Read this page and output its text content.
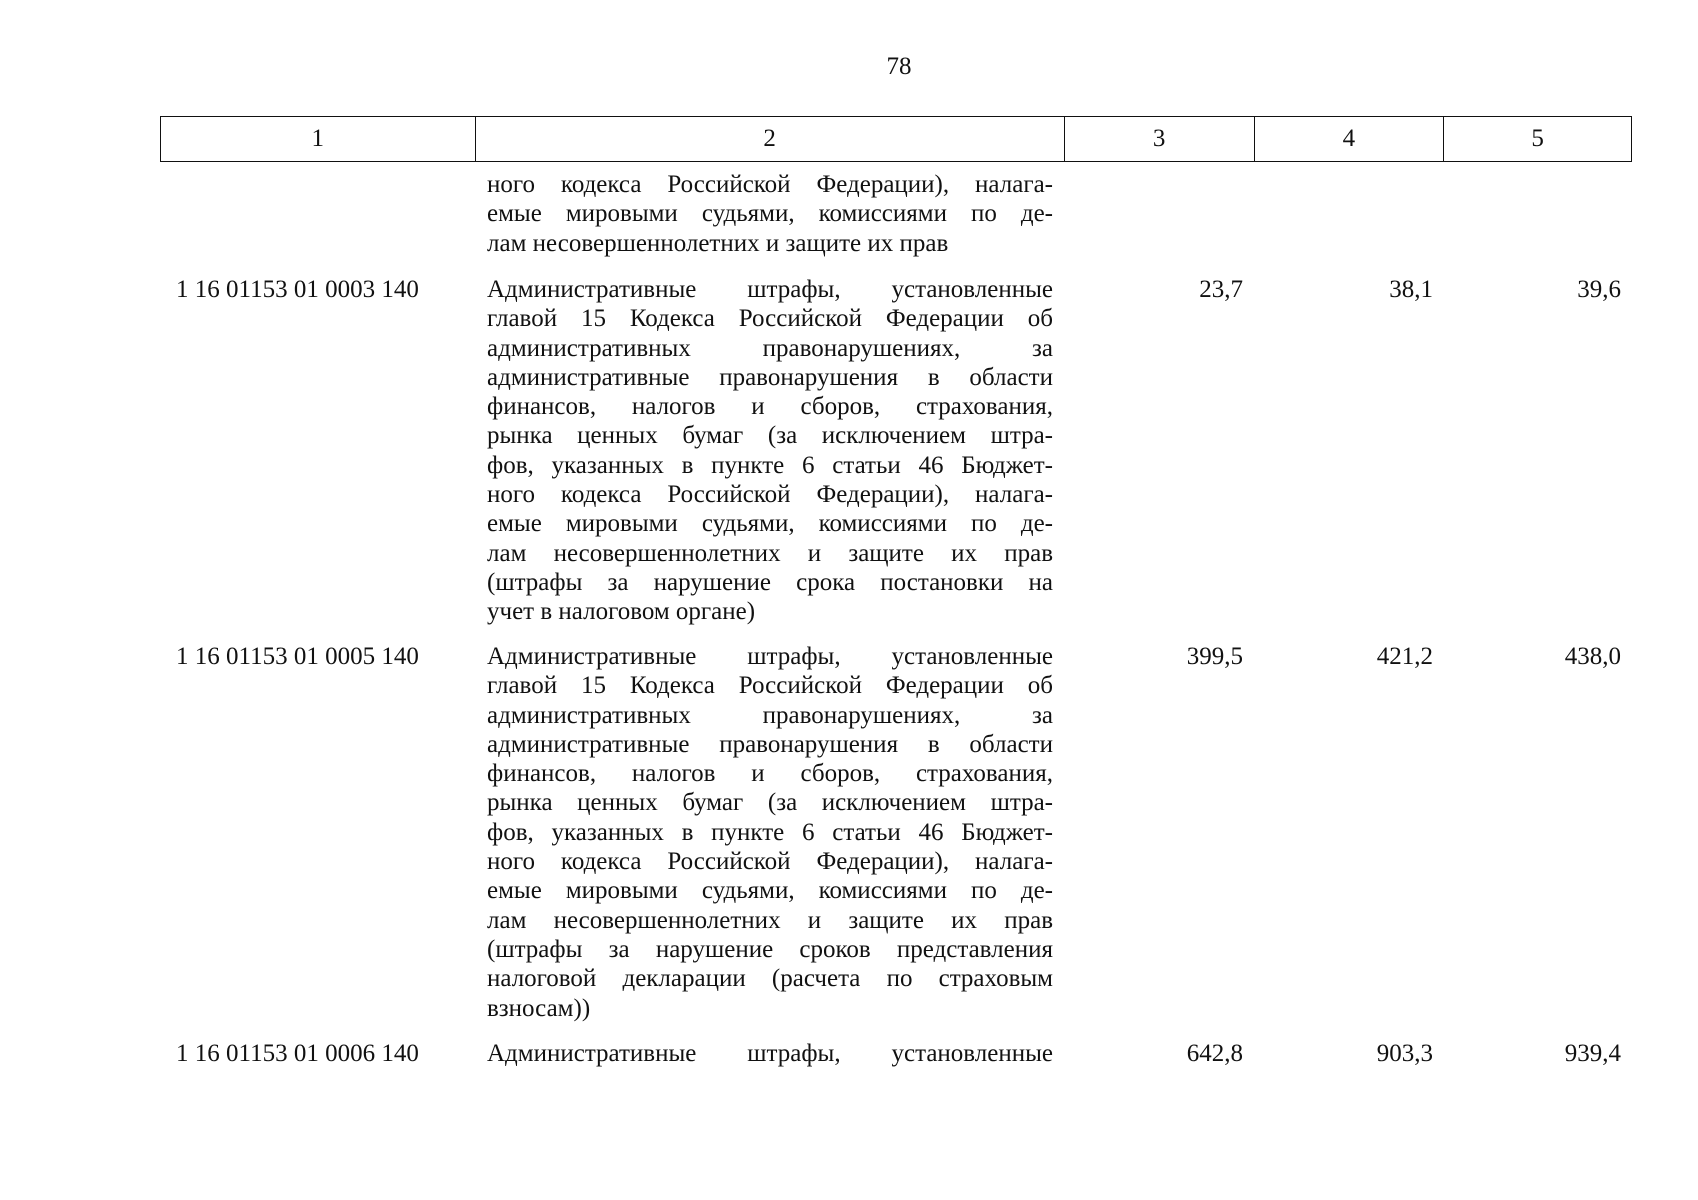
78
1	2	3	4	5
ного кодекса Российской Федерации), налага-
емые мировыми судьями, комиссиями по де-
лам несовершеннолетних и защите их прав
1 16 01153 01 0003 140	Административные штрафы, установленные
главой 15 Кодекса Российской Федерации об
административных правонарушениях, за
административные правонарушения в области
финансов, налогов и сборов, страхования,
рынка ценных бумаг (за исключением штра-
фов, указанных в пункте 6 статьи 46 Бюджет-
ного кодекса Российской Федерации), налага-
емые мировыми судьями, комиссиями по де-
лам несовершеннолетних и защите их прав
(штрафы за нарушение срока постановки на
учет в налоговом органе)
23,7	38,1	39,6
1 16 01153 01 0005 140	Административные штрафы, установленные
главой 15 Кодекса Российской Федерации об
административных правонарушениях, за
административные правонарушения в области
финансов, налогов и сборов, страхования,
рынка ценных бумаг (за исключением штра-
фов, указанных в пункте 6 статьи 46 Бюджет-
ного кодекса Российской Федерации), налага-
емые мировыми судьями, комиссиями по де-
лам несовершеннолетних и защите их прав
(штрафы за нарушение сроков представления
налоговой декларации (расчета по страховым
взносам))
399,5	421,2	438,0
1 16 01153 01 0006 140	Административные штрафы, установленные	642,8	903,3	939,4
